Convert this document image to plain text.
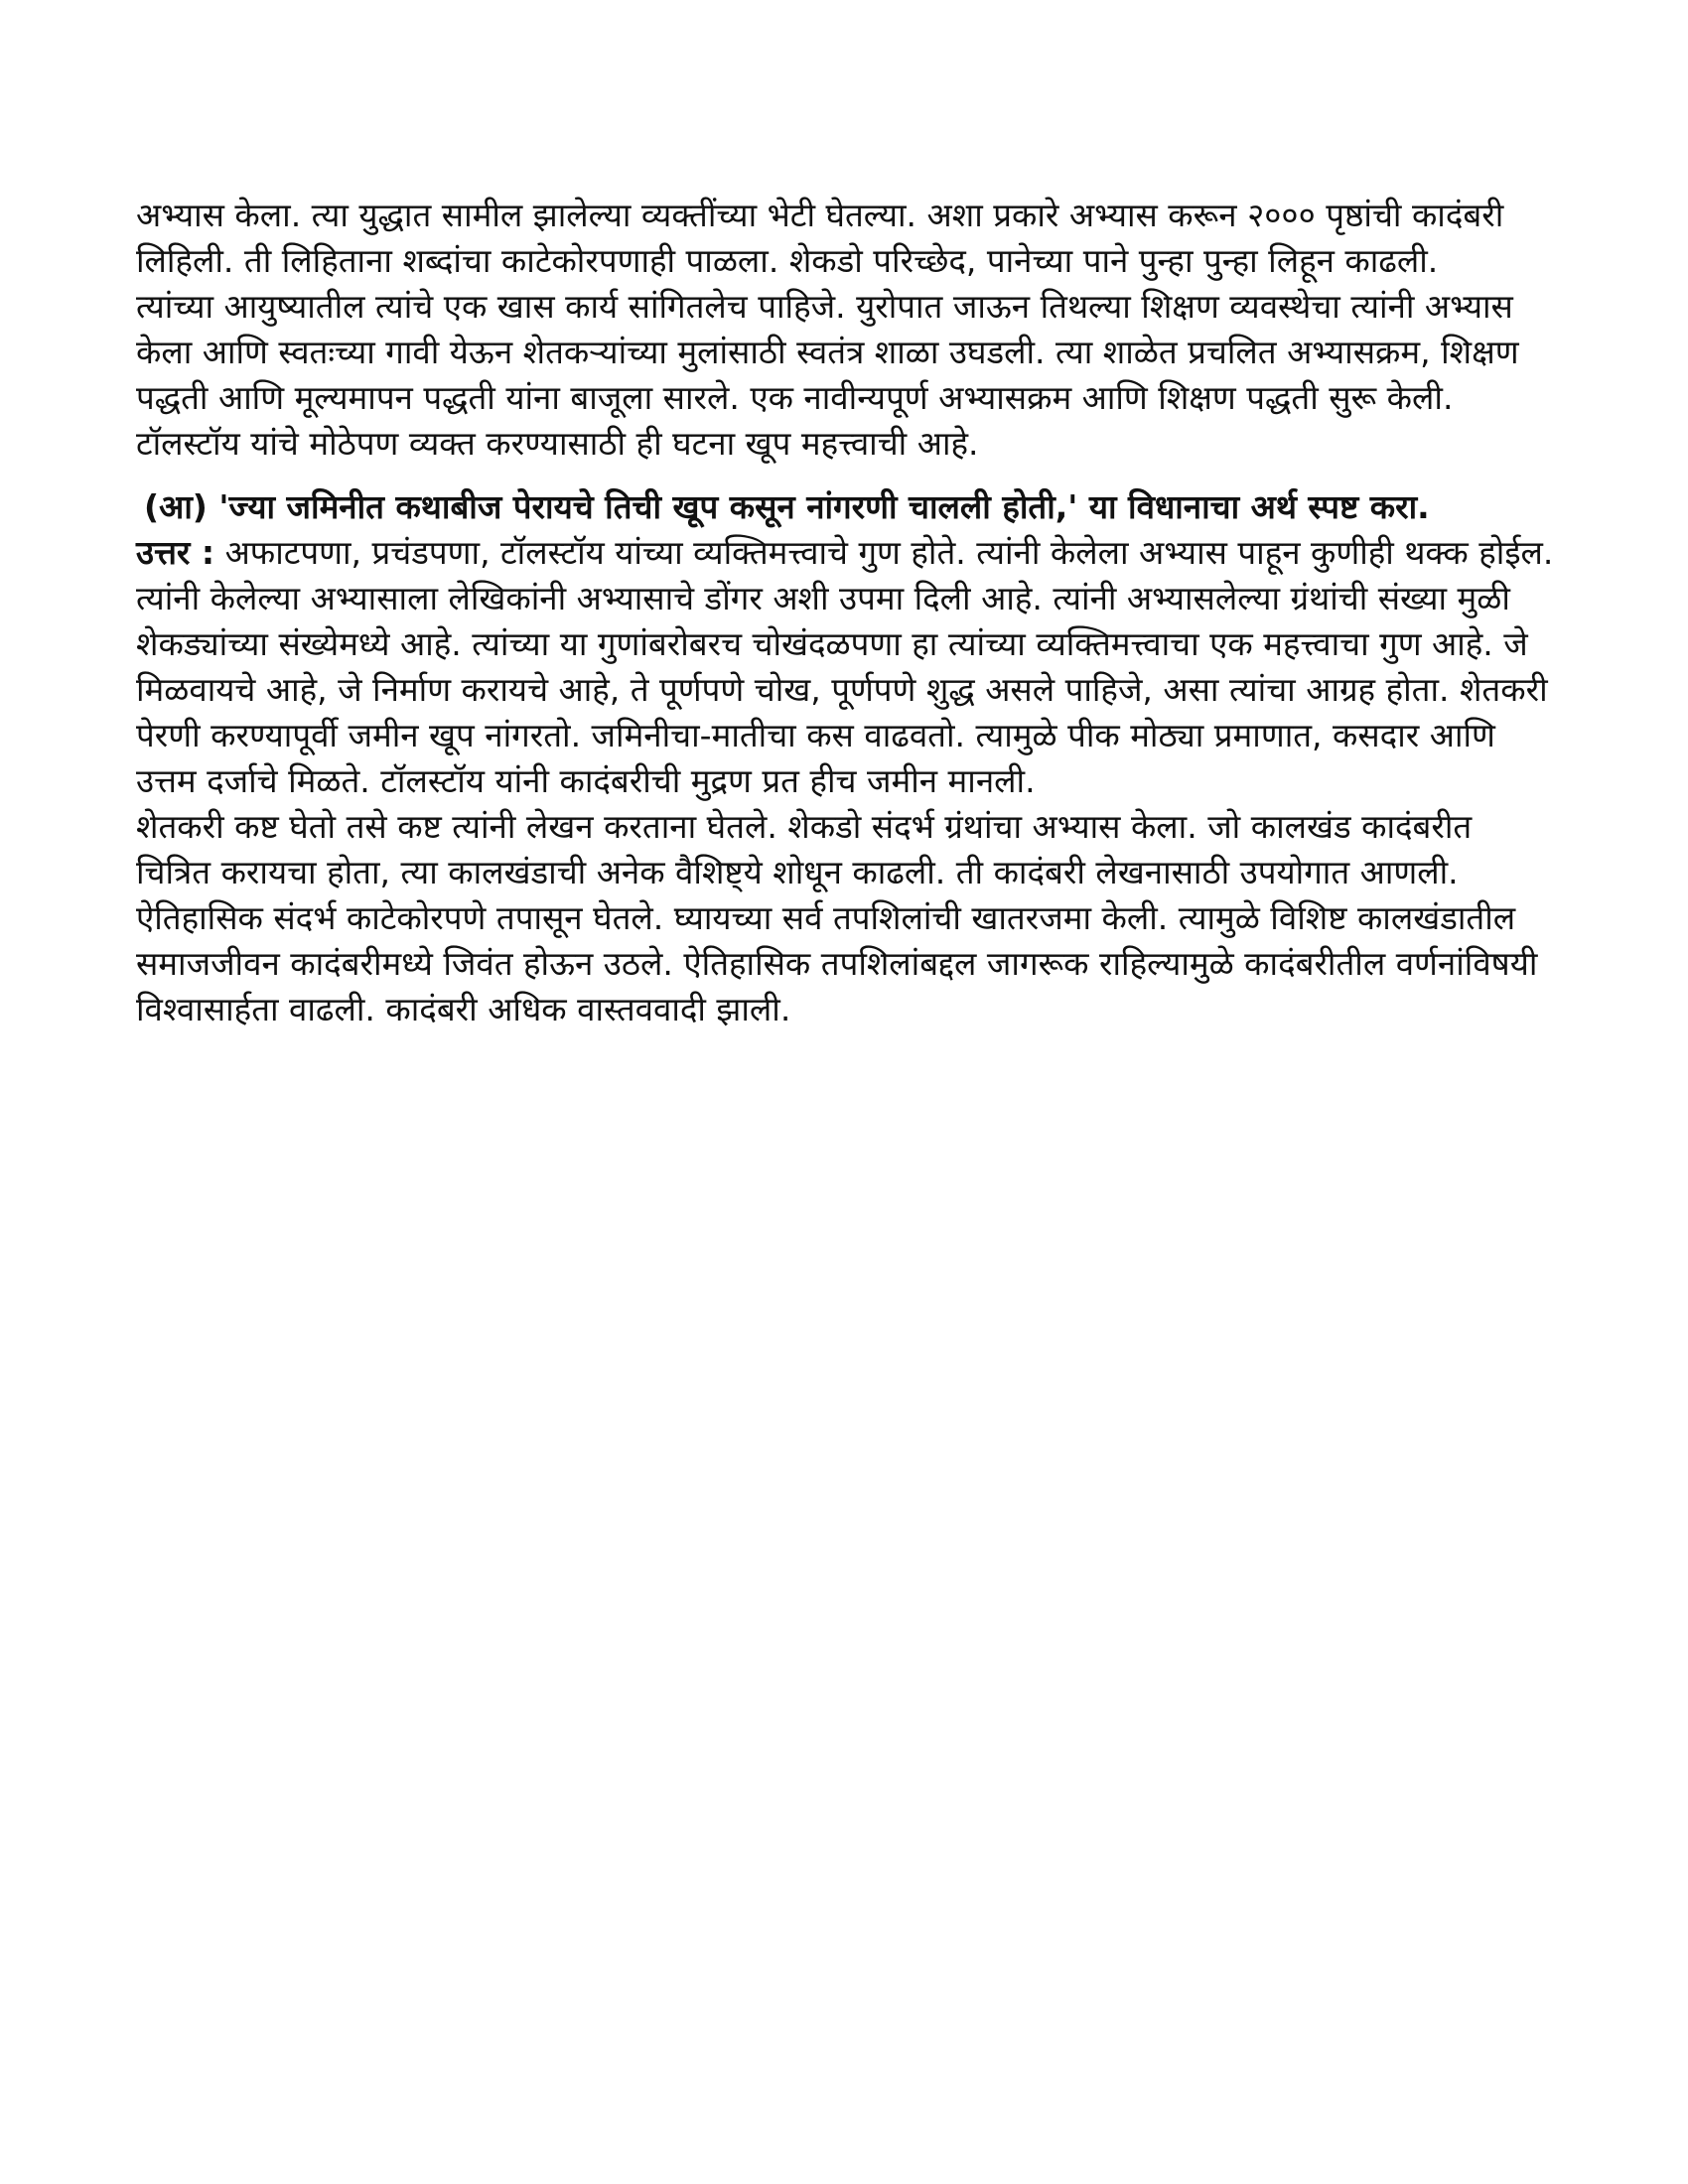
अभ्यास केला. त्या युद्धात सामील झालेल्या व्यक्तींच्या भेटी घेतल्या. अशा प्रकारे अभ्यास करून २००० पृष्ठांची कादंबरी लिहिली. ती लिहिताना शब्दांचा काटेकोरपणाही पाळला. शेकडो परिच्छेद, पानेच्या पाने पुन्हा पुन्हा लिहून काढली.

त्यांच्या आयुष्यातील त्यांचे एक खास कार्य सांगितलेच पाहिजे. युरोपात जाऊन तिथल्या शिक्षण व्यवस्थेचा त्यांनी अभ्यास केला आणि स्वतःच्या गावी येऊन शेतकऱ्यांच्या मुलांसाठी स्वतंत्र शाळा उघडली. त्या शाळेत प्रचलित अभ्यासक्रम, शिक्षण पद्धती आणि मूल्यमापन पद्धती यांना बाजूला सारले. एक नावीन्यपूर्ण अभ्यासक्रम आणि शिक्षण पद्धती सुरू केली. टॉलस्टॉय यांचे मोठेपण व्यक्त करण्यासाठी ही घटना खूप महत्त्वाची आहे.

(आ) 'ज्या जमिनीत कथाबीज पेरायचे तिची खूप कसून नांगरणी चालली होती,' या विधानाचा अर्थ स्पष्ट करा.

उत्तर : अफाटपणा, प्रचंडपणा, टॉलस्टॉय यांच्या व्यक्तिमत्त्वाचे गुण होते. त्यांनी केलेला अभ्यास पाहून कुणीही थक्क होईल. त्यांनी केलेल्या अभ्यासाला लेखिकांनी अभ्यासाचे डोंगर अशी उपमा दिली आहे. त्यांनी अभ्यासलेल्या ग्रंथांची संख्या मुळी शेकड्यांच्या संख्येमध्ये आहे. त्यांच्या या गुणांबरोबरच चोखंदळपणा हा त्यांच्या व्यक्तिमत्त्वाचा एक महत्त्वाचा गुण आहे. जे मिळवायचे आहे, जे निर्माण करायचे आहे, ते पूर्णपणे चोख, पूर्णपणे शुद्ध असले पाहिजे, असा त्यांचा आग्रह होता. शेतकरी पेरणी करण्यापूर्वी जमीन खूप नांगरतो. जमिनीचा-मातीचा कस वाढवतो. त्यामुळे पीक मोठ्या प्रमाणात, कसदार आणि उत्तम दर्जाचे मिळते. टॉलस्टॉय यांनी कादंबरीची मुद्रण प्रत हीच जमीन मानली.

शेतकरी कष्ट घेतो तसे कष्ट त्यांनी लेखन करताना घेतले. शेकडो संदर्भ ग्रंथांचा अभ्यास केला. जो कालखंड कादंबरीत चित्रित करायचा होता, त्या कालखंडाची अनेक वैशिष्ट्ये शोधून काढली. ती कादंबरी लेखनासाठी उपयोगात आणली. ऐतिहासिक संदर्भ काटेकोरपणे तपासून घेतले. घ्यायच्या सर्व तपशिलांची खातरजमा केली. त्यामुळे विशिष्ट कालखंडातील समाजजीवन कादंबरीमध्ये जिवंत होऊन उठले. ऐतिहासिक तपशिलांबद्दल जागरूक राहिल्यामुळे कादंबरीतील वर्णनांविषयी विश्वासार्हता वाढली. कादंबरी अधिक वास्तववादी झाली.
